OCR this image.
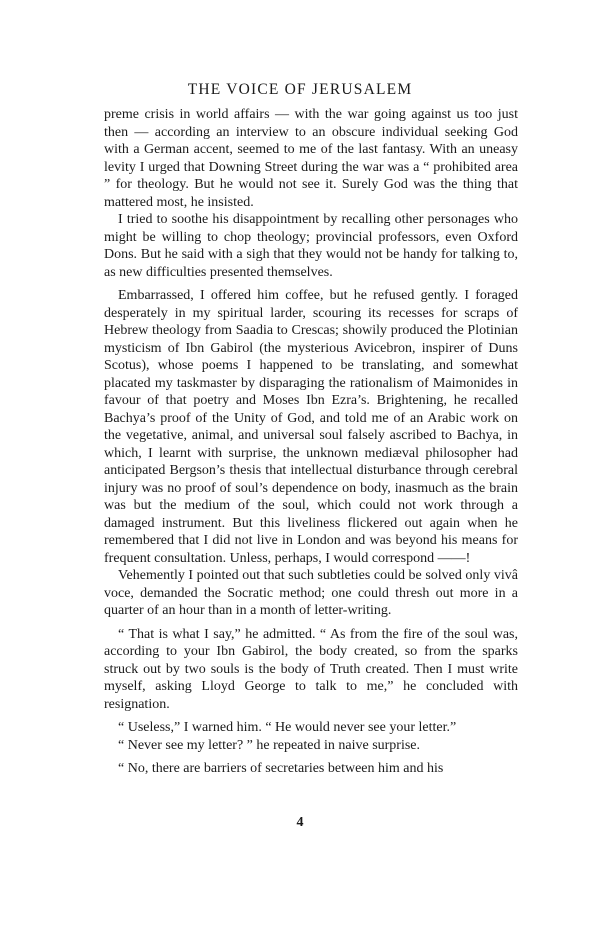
THE VOICE OF JERUSALEM

preme crisis in world affairs — with the war going against us too just then — according an interview to an obscure individual seeking God with a German accent, seemed to me of the last fantasy. With an uneasy levity I urged that Downing Street during the war was a “ prohibited area ” for theology. But he would not see it. Surely God was the thing that mattered most, he insisted.

I tried to soothe his disappointment by recalling other personages who might be willing to chop theology; provincial professors, even Oxford Dons. But he said with a sigh that they would not be handy for talking to, as new difficulties presented themselves.

Embarrassed, I offered him coffee, but he refused gently. I foraged desperately in my spiritual larder, scouring its recesses for scraps of Hebrew theology from Saadia to Crescas; showily produced the Plotinian mysticism of Ibn Gabirol (the mysterious Avicebron, inspirer of Duns Scotus), whose poems I happened to be translating, and somewhat placated my taskmaster by disparaging the rationalism of Maimonides in favour of that poetry and Moses Ibn Ezra’s. Brightening, he recalled Bachya’s proof of the Unity of God, and told me of an Arabic work on the vegetative, animal, and universal soul falsely ascribed to Bachya, in which, I learnt with surprise, the unknown mediæval philosopher had anticipated Bergson’s thesis that intellectual disturbance through cerebral injury was no proof of soul’s dependence on body, inasmuch as the brain was but the medium of the soul, which could not work through a damaged instrument. But this liveliness flickered out again when he remembered that I did not live in London and was beyond his means for frequent consultation. Unless, perhaps, I would correspond ——!

Vehemently I pointed out that such subtleties could be solved only vivâ voce, demanded the Socratic method; one could thresh out more in a quarter of an hour than in a month of letter-writing.

“ That is what I say,” he admitted. “ As from the fire of the soul was, according to your Ibn Gabirol, the body created, so from the sparks struck out by two souls is the body of Truth created. Then I must write myself, asking Lloyd George to talk to me,” he concluded with resignation.

“ Useless,” I warned him. “ He would never see your letter.”

“ Never see my letter? ” he repeated in naive surprise.

“ No, there are barriers of secretaries between him and his

4
